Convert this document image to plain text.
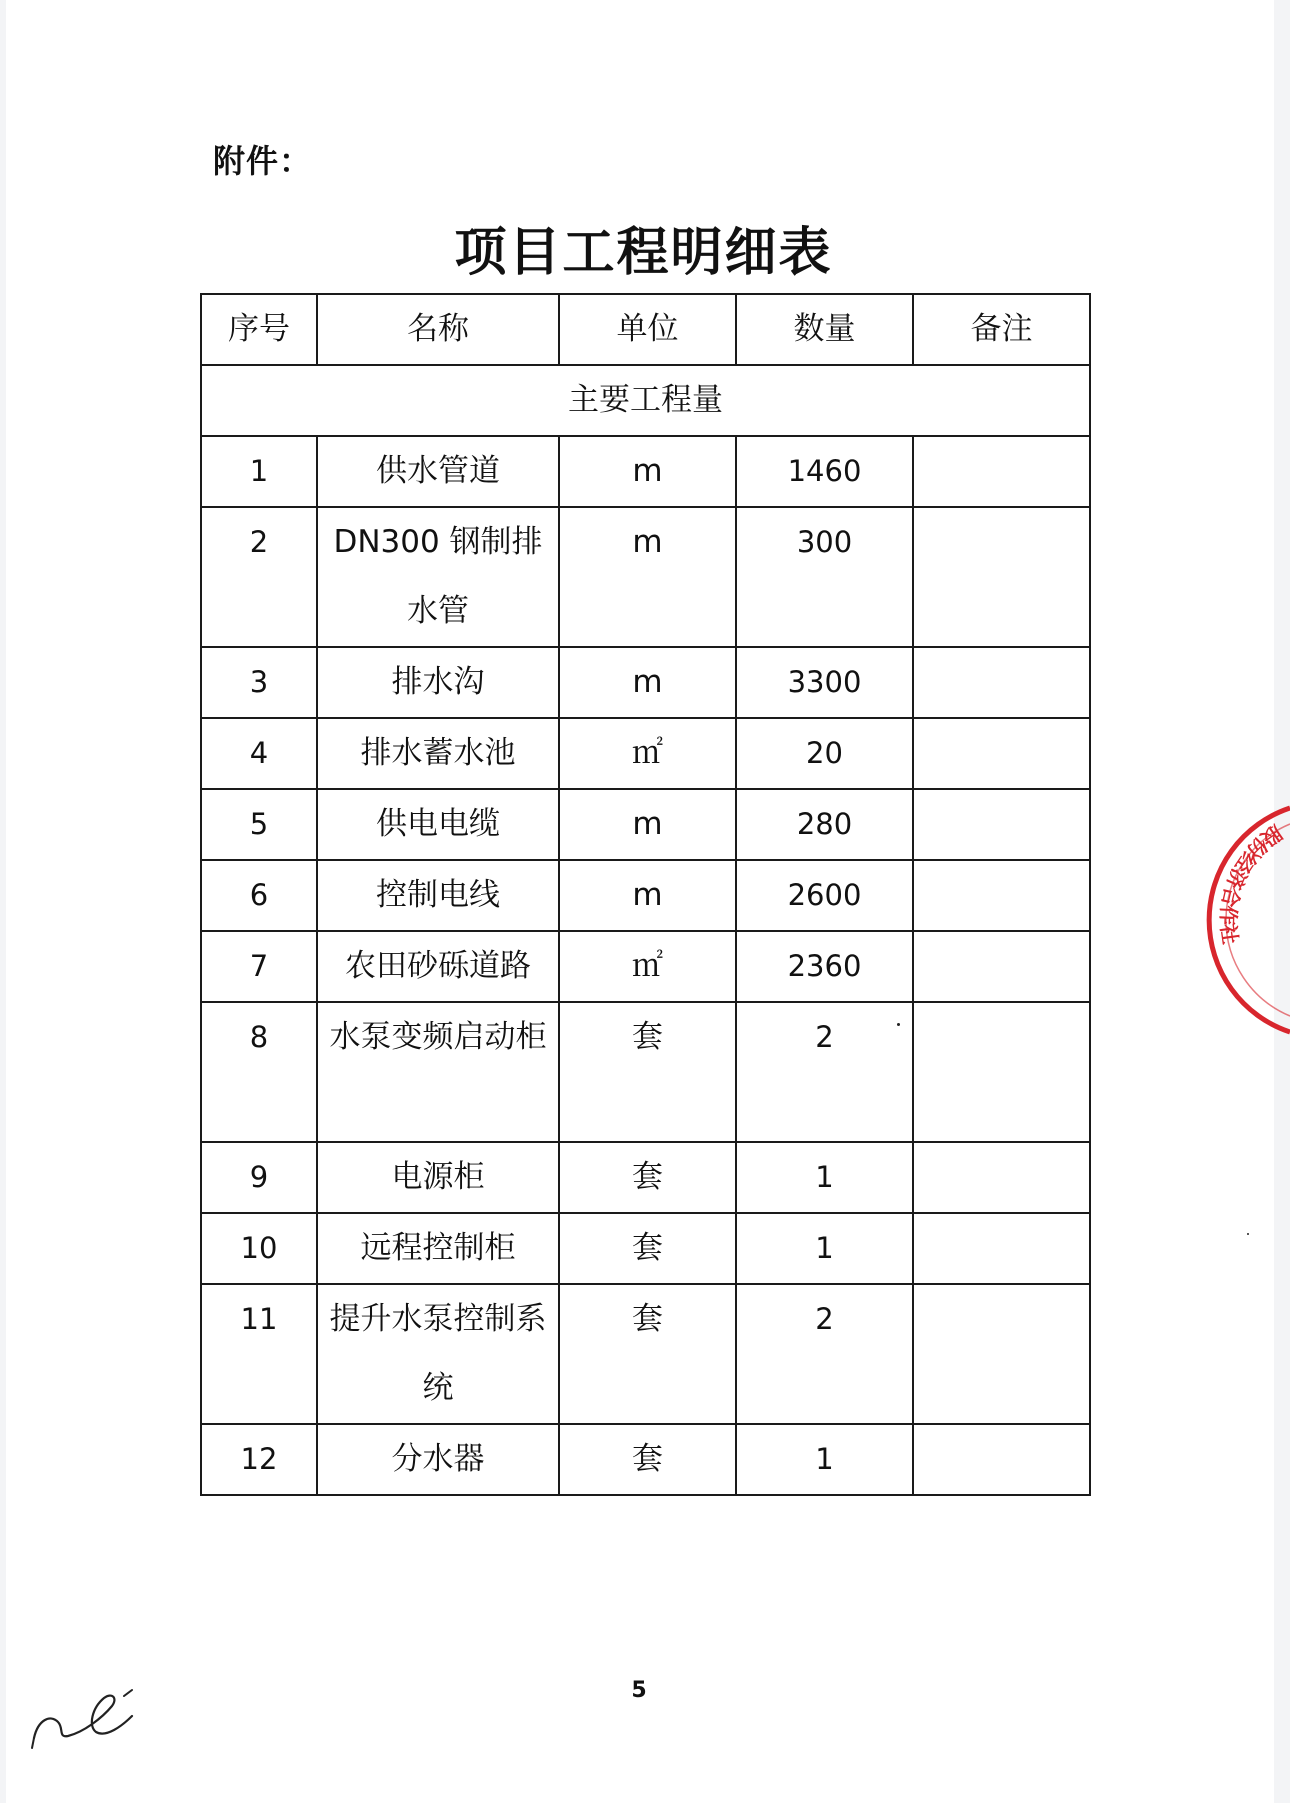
附件：
项目工程明细表
序号	名称	单位	数量	备注
主要工程量				
1	供水管道	m	1460	
2	DN300 钢制排水管	m	300	
3	排水沟	m	3300	
4	排水蓄水池	㎡	20	
5	供电电缆	m	280	
6	控制电线	m	2600	
7	农田砂砾道路	㎡	2360	
8	水泵变频启动柜	套	2	
9	电源柜	套	1	
10	远程控制柜	套	1	
11	提升水泵控制系统	套	2	
12	分水器	套	1	
股份经济合作社
5
